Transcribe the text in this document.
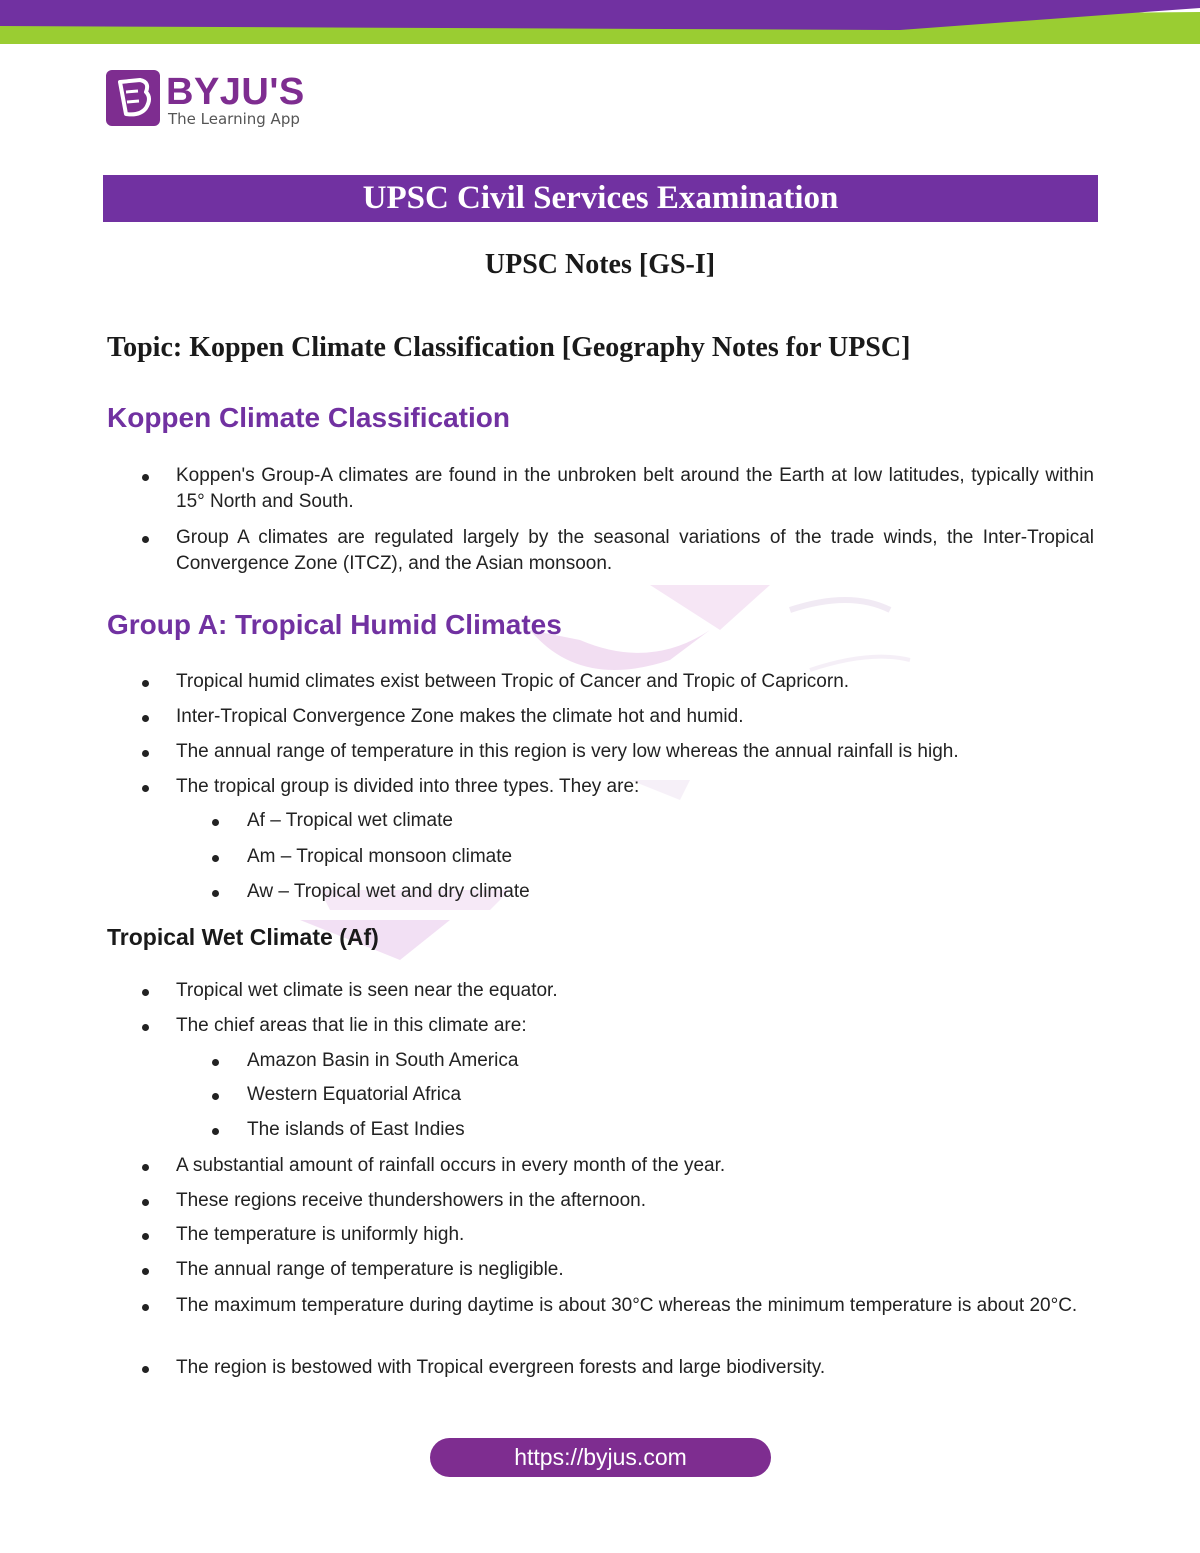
BYJU'S
The Learning App
UPSC Civil Services Examination
UPSC Notes [GS-I]
Topic: Koppen Climate Classification [Geography Notes for UPSC]
Koppen Climate Classification
Koppen's Group-A climates are found in the unbroken belt around the Earth at low latitudes, typically within 15° North and South.
Group A climates are regulated largely by the seasonal variations of the trade winds, the Inter-Tropical Convergence Zone (ITCZ), and the Asian monsoon.
Group A: Tropical Humid Climates
Tropical humid climates exist between Tropic of Cancer and Tropic of Capricorn.
Inter-Tropical Convergence Zone makes the climate hot and humid.
The annual range of temperature in this region is very low whereas the annual rainfall is high.
The tropical group is divided into three types. They are:
Af – Tropical wet climate
Am – Tropical monsoon climate
Aw – Tropical wet and dry climate
Tropical Wet Climate (Af)
Tropical wet climate is seen near the equator.
The chief areas that lie in this climate are:
Amazon Basin in South America
Western Equatorial Africa
The islands of East Indies
A substantial amount of rainfall occurs in every month of the year.
These regions receive thundershowers in the afternoon.
The temperature is uniformly high.
The annual range of temperature is negligible.
The maximum temperature during daytime is about 30°C whereas the minimum temperature is about 20°C.
The region is bestowed with Tropical evergreen forests and large biodiversity.
https://byjus.com
